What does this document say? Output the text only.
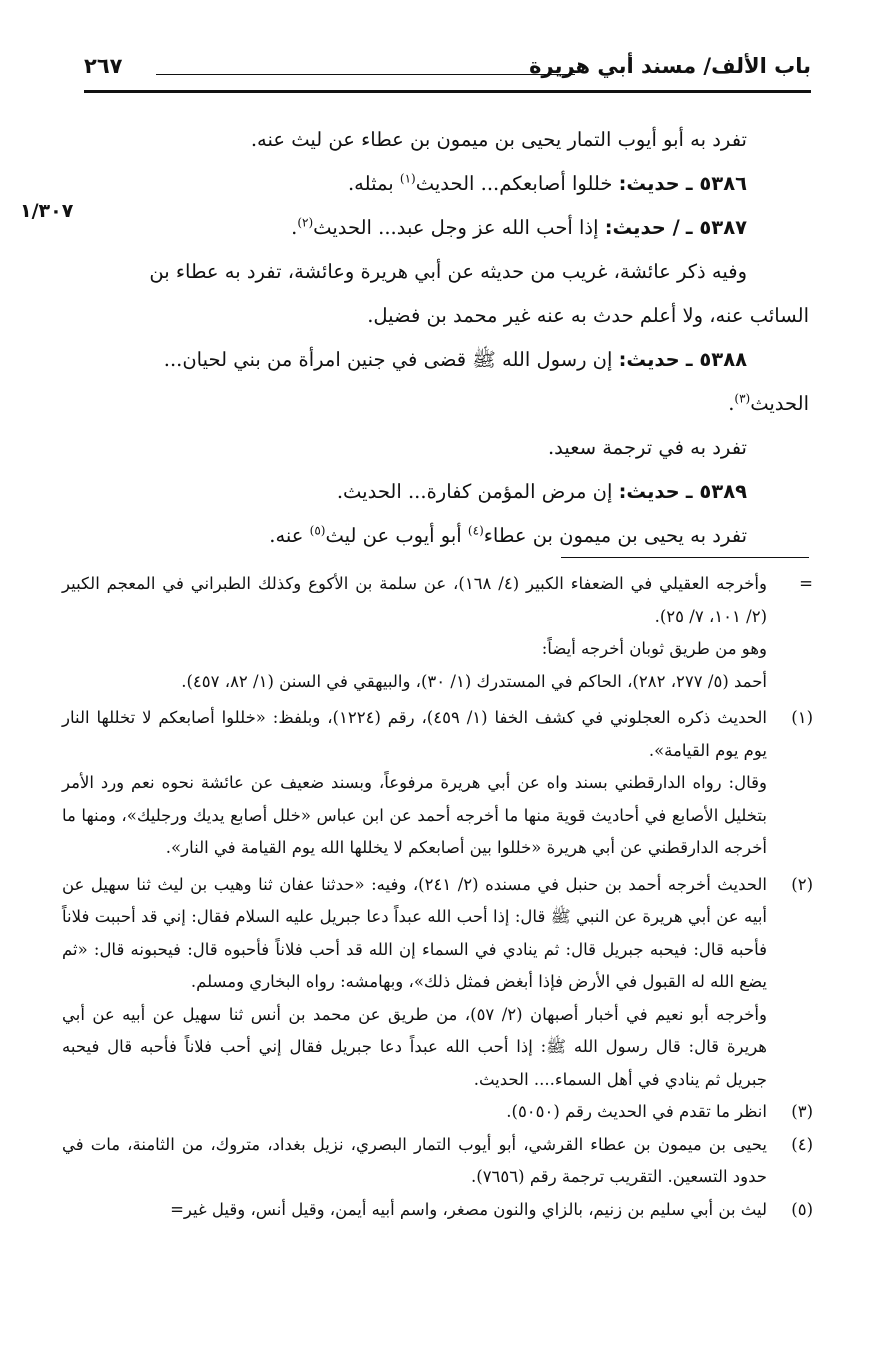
باب الألف/ مسند أبي هريرة
٢٦٧
١/٣٠٧

تفرد به أبو أيوب التمار يحيى بن ميمون بن عطاء عن ليث عنه.

٥٣٨٦ ـ حديث: خللوا أصابعكم... الحديث$^{(١)}$ بمثله.

٥٣٨٧ ـ / حديث: إذا أحب الله عز وجل عبد... الحديث$^{(٢)}$.

وفيه ذكر عائشة، غريب من حديثه عن أبي هريرة وعائشة، تفرد به عطاء بن

السائب عنه، ولا أعلم حدث به عنه غير محمد بن فضيل.

٥٣٨٨ ـ حديث: إن رسول الله ﷺ قضى في جنين امرأة من بني لحيان...

الحديث$^{(٣)}$.

تفرد به في ترجمة سعيد.

٥٣٨٩ ـ حديث: إن مرض المؤمن كفارة... الحديث.

تفرد به يحيى بن ميمون بن عطاء$^{(٤)}$ أبو أيوب عن ليث$^{(٥)}$ عنه.

=
وأخرجه العقيلي في الضعفاء الكبير (٤/ ١٦٨)، عن سلمة بن الأكوع وكذلك الطبراني في المعجم الكبير (٢/ ١٠١، ٧/ ٢٥).

وهو من طريق ثوبان أخرجه أيضاً:

أحمد (٥/ ٢٧٧، ٢٨٢)، الحاكم في المستدرك (١/ ٣٠)، والبيهقي في السنن (١/ ٨٢، ٤٥٧).

(١)
الحديث ذكره العجلوني في كشف الخفا (١/ ٤٥٩)، رقم (١٢٢٤)، وبلفظ: «خللوا أصابعكم لا تخللها النار يوم يوم القيامة».

وقال: رواه الدارقطني بسند واه عن أبي هريرة مرفوعاً، وبسند ضعيف عن عائشة نحوه نعم ورد الأمر بتخليل الأصابع في أحاديث قوية منها ما أخرجه أحمد عن ابن عباس «خلل أصابع يديك ورجليك»، ومنها ما أخرجه الدارقطني عن أبي هريرة «خللوا بين أصابعكم لا يخللها الله يوم القيامة في النار».

(٢)
الحديث أخرجه أحمد بن حنبل في مسنده (٢/ ٢٤١)، وفيه: «حدثنا عفان ثنا وهيب بن ليث ثنا سهيل عن أبيه عن أبي هريرة عن النبي ﷺ قال: إذا أحب الله عبداً دعا جبريل عليه السلام فقال: إني قد أحببت فلاناً فأحبه قال: فيحبه جبريل قال: ثم ينادي في السماء إن الله قد أحب فلاناً فأحبوه قال: فيحبونه قال: «ثم يضع الله له القبول في الأرض فإذا أبغض فمثل ذلك»، وبهامشه: رواه البخاري ومسلم.

وأخرجه أبو نعيم في أخبار أصبهان (٢/ ٥٧)، من طريق عن محمد بن أنس ثنا سهيل عن أبيه عن أبي هريرة قال: قال رسول الله ﷺ: إذا أحب الله عبداً دعا جبريل فقال إني أحب فلاناً فأحبه قال فيحبه جبريل ثم ينادي في أهل السماء.... الحديث.

(٣)
انظر ما تقدم في الحديث رقم (٥٠٥٠).

(٤)
يحيى بن ميمون بن عطاء القرشي، أبو أيوب التمار البصري، نزيل بغداد، متروك، من الثامنة، مات في حدود التسعين. التقريب ترجمة رقم (٧٦٥٦).

(٥)
ليث بن أبي سليم بن زنيم، بالزاي والنون مصغر، واسم أبيه أيمن، وقيل أنس، وقيل غير=
